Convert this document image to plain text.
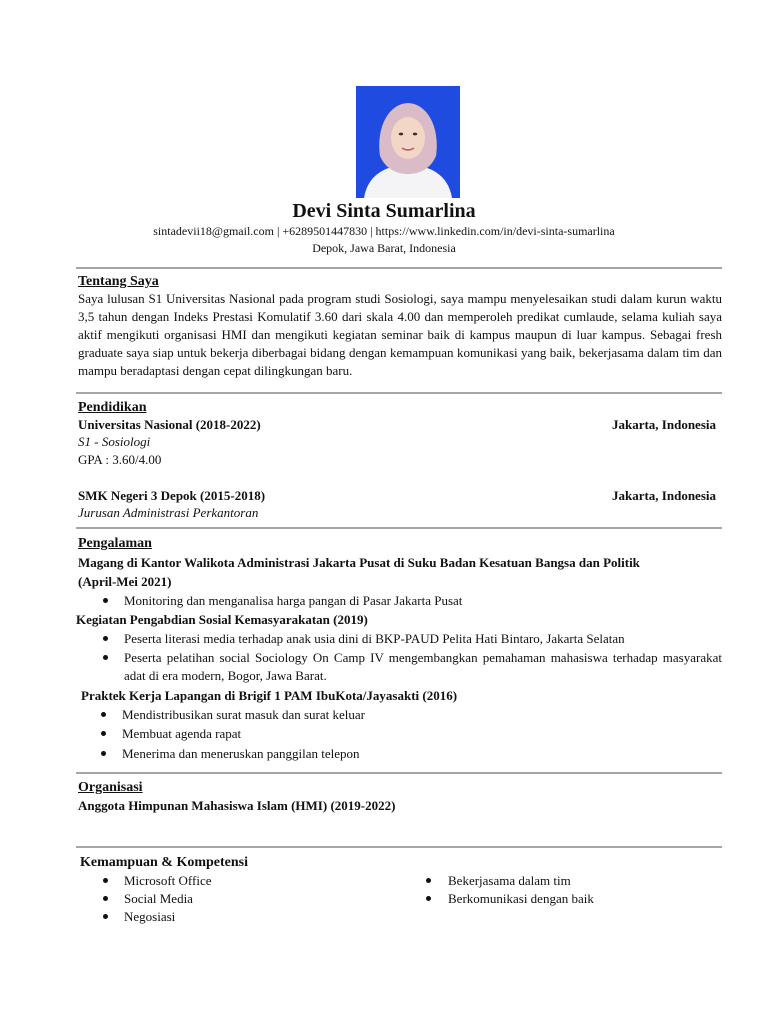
Devi Sinta Sumarlina
sintadevii18@gmail.com | +6289501447830 | https://www.linkedin.com/in/devi-sinta-sumarlina
Depok, Jawa Barat, Indonesia
Tentang Saya

Saya lulusan S1 Universitas Nasional pada program studi Sosiologi, saya mampu menyelesaikan studi dalam kurun waktu 3,5 tahun dengan Indeks Prestasi Komulatif 3.60 dari skala 4.00 dan memperoleh predikat cumlaude, selama kuliah saya aktif mengikuti organisasi HMI dan mengikuti kegiatan seminar baik di kampus maupun di luar kampus. Sebagai fresh graduate saya siap untuk bekerja diberbagai bidang dengan kemampuan komunikasi yang baik, bekerjasama dalam tim dan mampu beradaptasi dengan cepat dilingkungan baru.

Pendidikan
Universitas Nasional (2018-2022)	Jakarta, Indonesia
S1 - Sosiologi
GPA : 3.60/4.00
SMK Negeri 3 Depok (2015-2018)	Jakarta, Indonesia
Jurusan Administrasi Perkantoran
Pengalaman
Magang di Kantor Walikota Administrasi Jakarta Pusat di Suku Badan Kesatuan Bangsa dan Politik
(April-Mei 2021)
Monitoring dan menganalisa harga pangan di Pasar Jakarta Pusat
Kegiatan Pengabdian Sosial Kemasyarakatan (2019)
Peserta literasi media terhadap anak usia dini di BKP-PAUD Pelita Hati Bintaro, Jakarta Selatan

Peserta pelatihan social Sociology On Camp IV mengembangkan pemahaman mahasiswa terhadap masyarakat adat di era modern, Bogor, Jawa Barat.

Praktek Kerja Lapangan di Brigif 1 PAM IbuKota/Jayasakti (2016)
Mendistribusikan surat masuk dan surat keluar
Membuat agenda rapat
Menerima dan meneruskan panggilan telepon
Organisasi
Anggota Himpunan Mahasiswa Islam (HMI) (2019-2022)
Kemampuan & Kompetensi
Microsoft Office
Social Media
Negosiasi
Bekerjasama dalam tim
Berkomunikasi dengan baik
